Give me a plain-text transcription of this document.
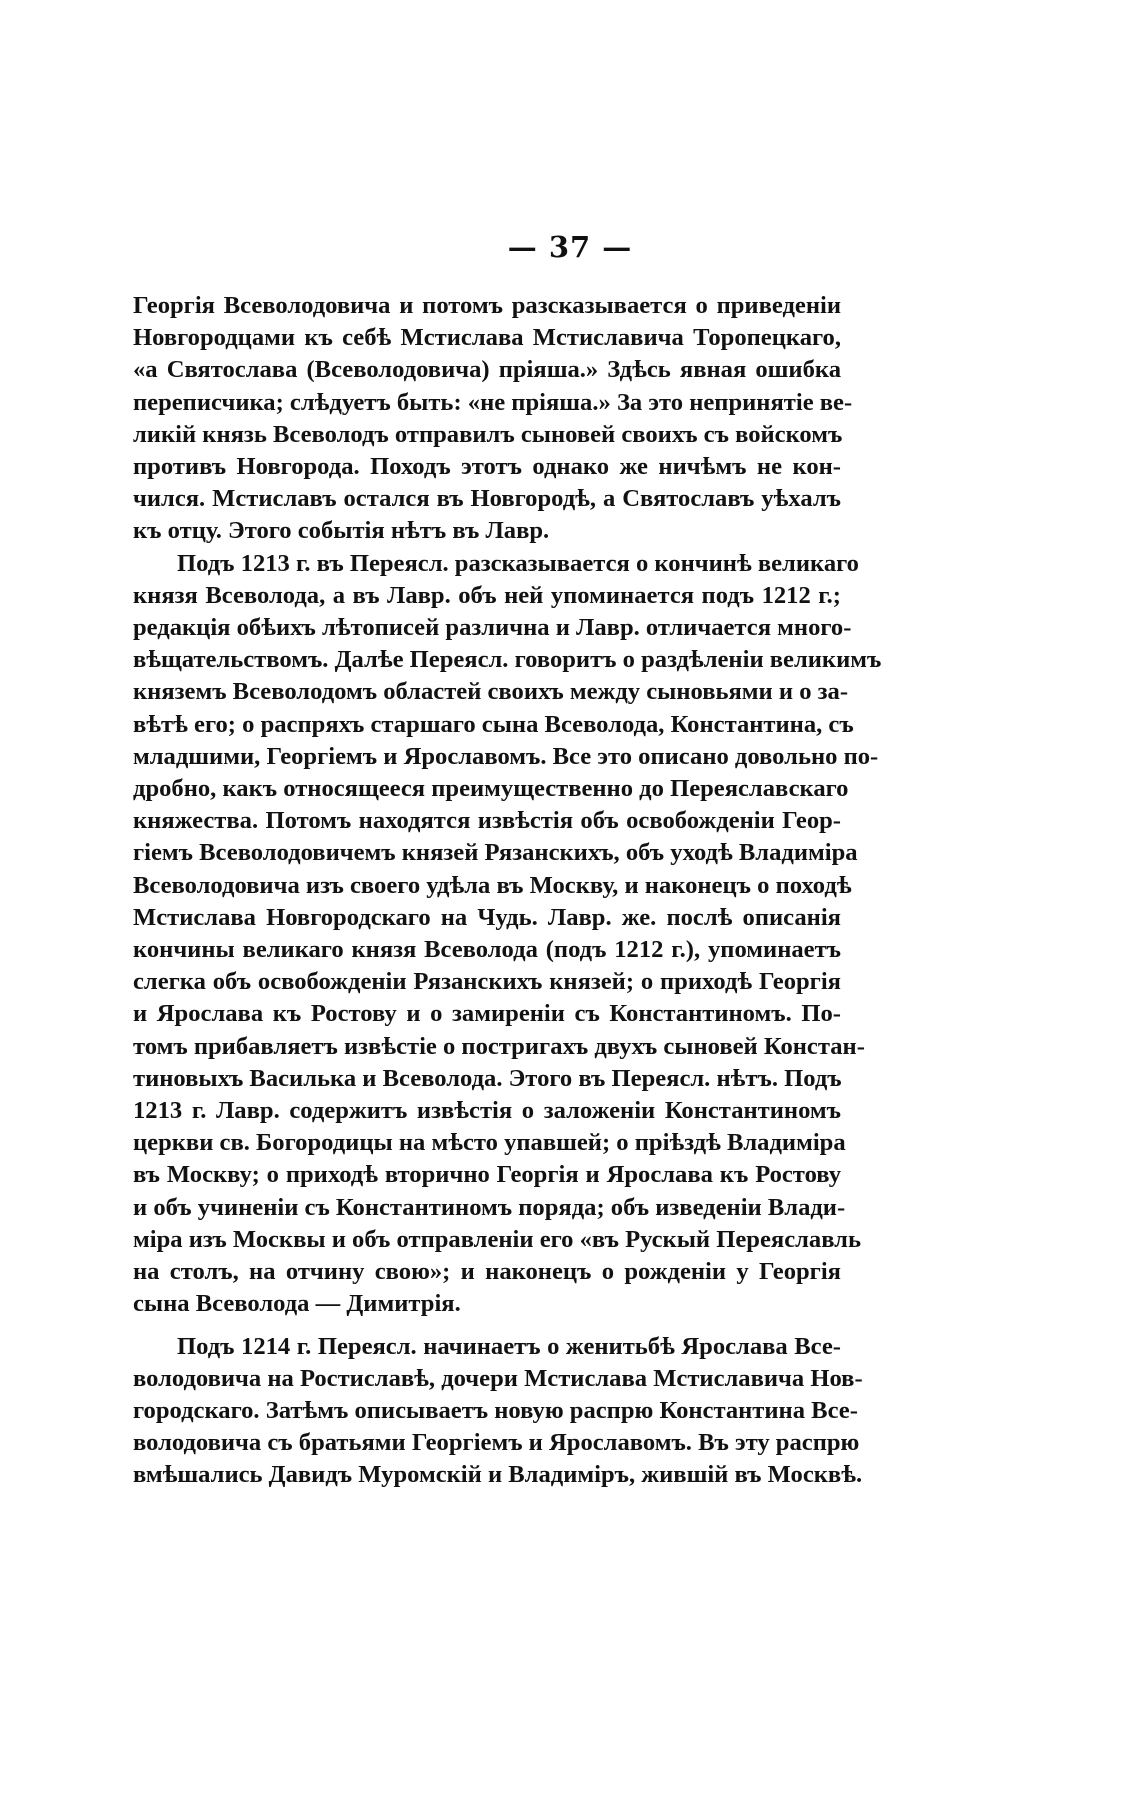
— 37 —

Георгія Всеволодовича и потомъ разсказывается о приведеніи
Новгородцами къ себѣ Мстислава Мстиславича Торопецкаго,
«а Святослава (Всеволодовича) пріяша.» Здѣсь явная ошибка
переписчика; слѣдуетъ быть: «не пріяша.» За это непринятіе ве-
ликій князь Всеволодъ отправилъ сыновей своихъ съ войскомъ
противъ Новгорода. Походъ этотъ однако же ничѣмъ не кон-
чился. Мстиславъ остался въ Новгородѣ, а Святославъ уѣхалъ
къ отцу. Этого событія нѣтъ въ Лавр.

Подъ 1213 г. въ Переясл. разсказывается о кончинѣ великаго
князя Всеволода, а въ Лавр. объ ней упоминается подъ 1212 г.;
редакція обѣихъ лѣтописей различна и Лавр. отличается много-
вѣщательствомъ. Далѣе Переясл. говоритъ о раздѣленіи великимъ
княземъ Всеволодомъ областей своихъ между сыновьями и о за-
вѣтѣ его; о распряхъ старшаго сына Всеволода, Константина, съ
младшими, Георгіемъ и Ярославомъ. Все это описано довольно по-
дробно, какъ относящееся преимущественно до Переяславскаго
княжества. Потомъ находятся извѣстія объ освобожденіи Геор-
гіемъ Всеволодовичемъ князей Рязанскихъ, объ уходѣ Владиміра
Всеволодовича изъ своего удѣла въ Москву, и наконецъ о походѣ
Мстислава Новгородскаго на Чудь. Лавр. же. послѣ описанія
кончины великаго князя Всеволода (подъ 1212 г.), упоминаетъ
слегка объ освобожденіи Рязанскихъ князей; о приходѣ Георгія
и Ярослава къ Ростову и о замиреніи съ Константиномъ. По-
томъ прибавляетъ извѣстіе о постригахъ двухъ сыновей Констан-
тиновыхъ Василька и Всеволода. Этого въ Переясл. нѣтъ. Подъ
1213 г. Лавр. содержитъ извѣстія о заложеніи Константиномъ
церкви св. Богородицы на мѣсто упавшей; о пріѣздѣ Владиміра
въ Москву; о приходѣ вторично Георгія и Ярослава къ Ростову
и объ учиненіи съ Константиномъ поряда; объ изведеніи Влади-
міра изъ Москвы и объ отправленіи его «въ Рускый Переяславль
на столъ, на отчину свою»; и наконецъ о рожденіи у Георгія
сына Всеволода — Димитрія.

Подъ 1214 г. Переясл. начинаетъ о женитьбѣ Ярослава Все-
володовича на Ростиславѣ, дочери Мстислава Мстиславича Нов-
городскаго. Затѣмъ описываетъ новую распрю Константина Все-
володовича съ братьями Георгіемъ и Ярославомъ. Въ эту распрю
вмѣшались Давидъ Муромскій и Владиміръ, жившій въ Москвѣ.
